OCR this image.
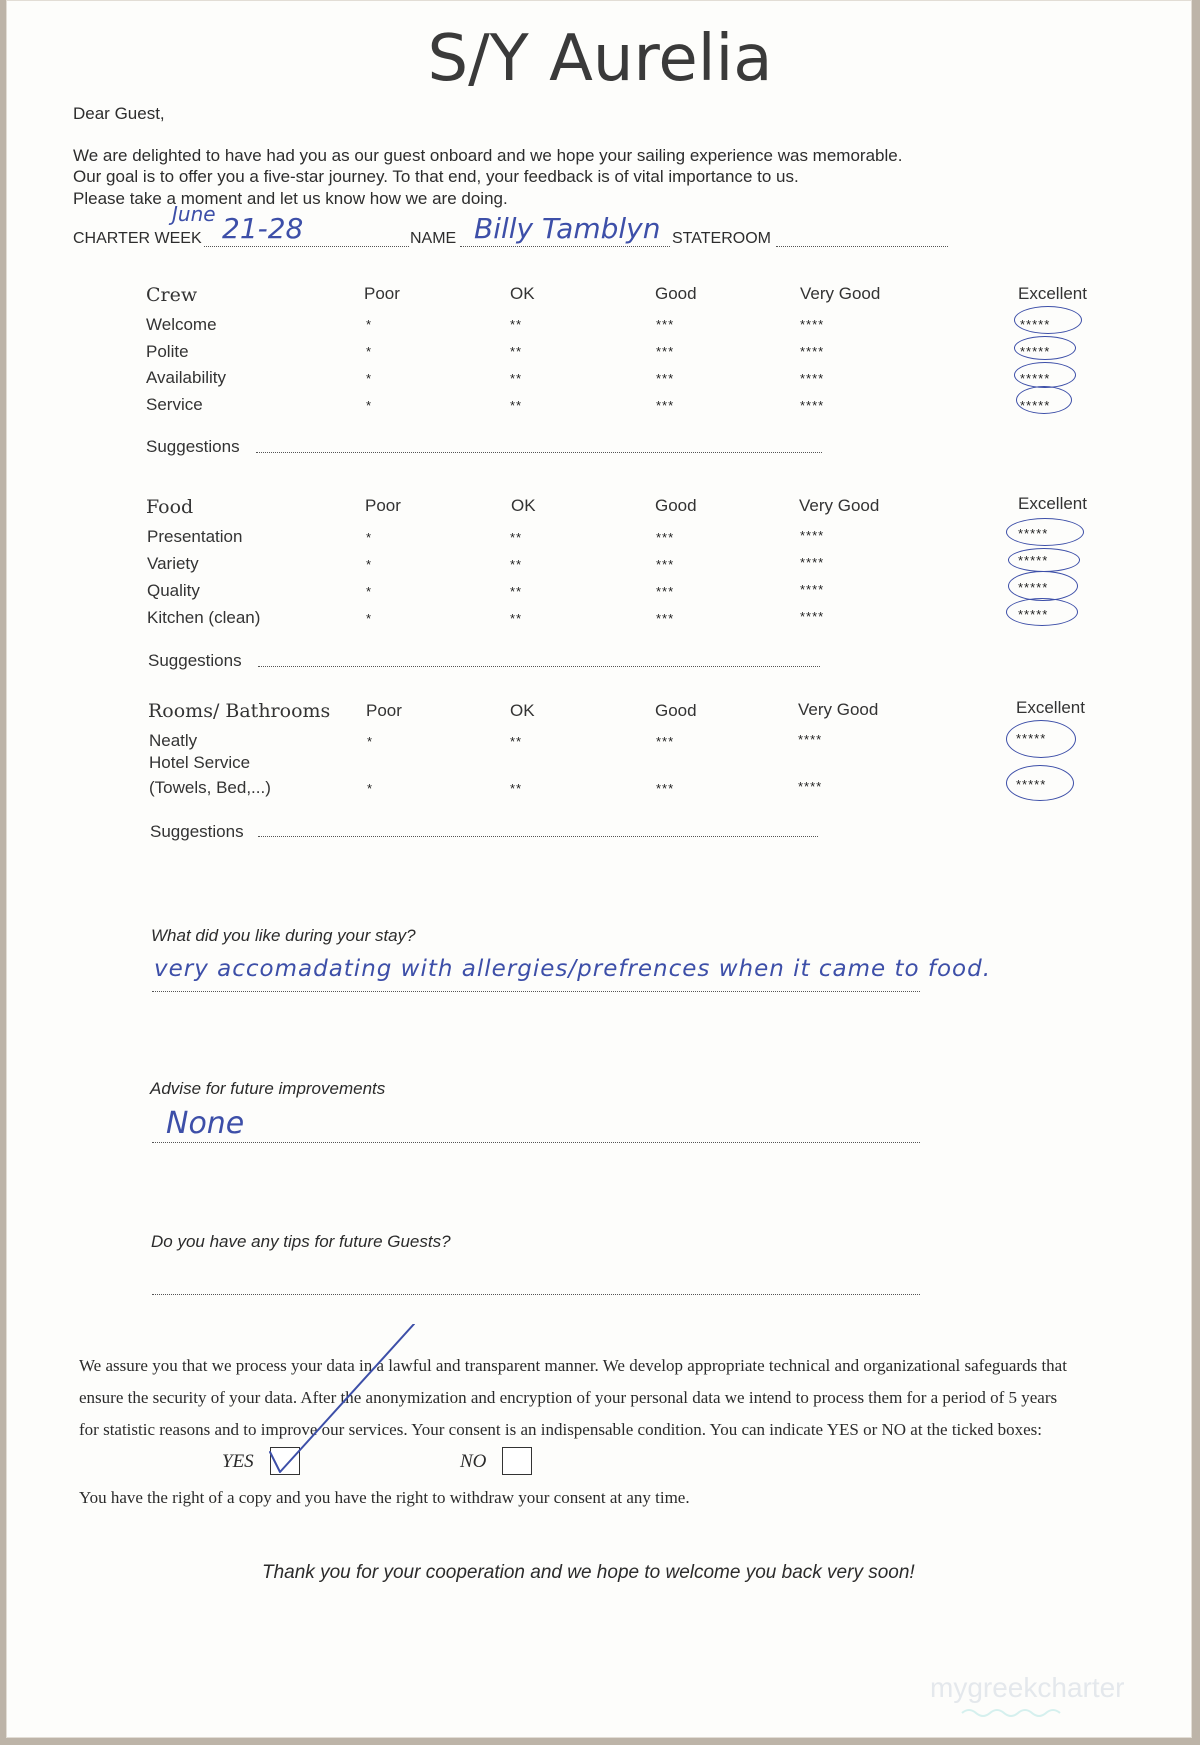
S/Y Aurelia
Dear Guest,
We are delighted to have had you as our guest onboard and we hope your sailing experience was memorable.
Our goal is to offer you a five-star journey. To that end, your feedback is of vital importance to us.
Please take a moment and let us know how we are doing.
CHARTER WEEK
June 21-28	NAME Billy Tamblyn STATEROOM
Crew	Poor	OK	Good	Very Good	Excellent
Welcome	*	**	***	****	*****
Polite	*	**	***	****	*****
Availability	*	**	***	****	*****
Service	*	**	***	****	*****
Suggestions
Food	Poor	OK	Good	Very Good	Excellent
Presentation	*	**	***	****	*****
Variety	*	**	***	****	*****
Quality	*	**	***	****	*****
Kitchen (clean)	*	**	***	****	*****
Suggestions
Rooms/ Bathrooms Poor	OK	Good	Very Good	Excellent
Neatly	*	**	***	****	*****
Hotel Service
(Towels, Bed,...)	*	**	***	****	*****
Suggestions
What did you like during your stay?
very accomadating with allergies/prefrences when it came to food.
Advise for future improvements
None
Do you have any tips for future Guests?
We assure you that we process your data in a lawful and transparent manner. We develop appropriate technical and organizational safeguards that
ensure the security of your data. After the anonymization and encryption of your personal data we intend to process them for a period of 5 years
for statistic reasons and to improve our services. Your consent is an indispensable condition. You can indicate YES or NO at the ticked boxes:
YES	NO
You have the right of a copy and you have the right to withdraw your consent at any time.
Thank you for your cooperation and we hope to welcome you back very soon!
mygreekcharter
